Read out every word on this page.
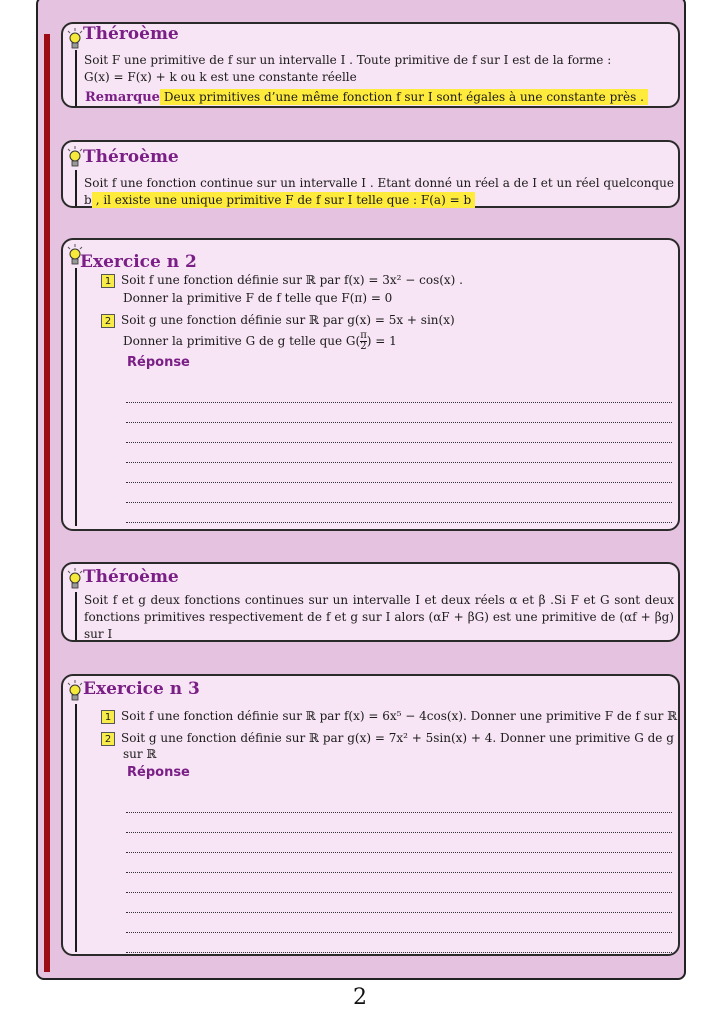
Théroème
Soit F une primitive de f sur un intervalle I . Toute primitive de f sur I est de la forme :
G(x) = F(x) + k ou k est une constante réelle
Remarque Deux primitives d’une même fonction f sur I sont égales à une constante près .
Théroème
Soit f une fonction continue sur un intervalle I . Etant donné un réel a de I et un réel quelconque
b , il existe une unique primitive F de f sur I telle que : F(a) = b
Exercice n 2
1 Soit f une fonction définie sur ℝ par f(x) = 3x² − cos(x) .
Donner la primitive F de f telle que F(π) = 0
2 Soit g une fonction définie sur ℝ par g(x) = 5x + sin(x)
Donner la primitive G de g telle que $G( \frac{\pi}{2}$ ) = 1
Réponse
Théroème
Soit f et g deux fonctions continues sur un intervalle I et deux réels α et β .Si F et G sont deux fonctions primitives respectivement de f et g sur I alors (αF + βG) est une primitive de (αf + βg) sur I
Exercice n 3
1 Soit f une fonction définie sur ℝ par f(x) = 6x⁵ − 4cos(x). Donner une primitive F de f sur ℝ
2 Soit g une fonction définie sur ℝ par g(x) = 7x² + 5sin(x) + 4. Donner une primitive G de g
sur ℝ
Réponse
2
